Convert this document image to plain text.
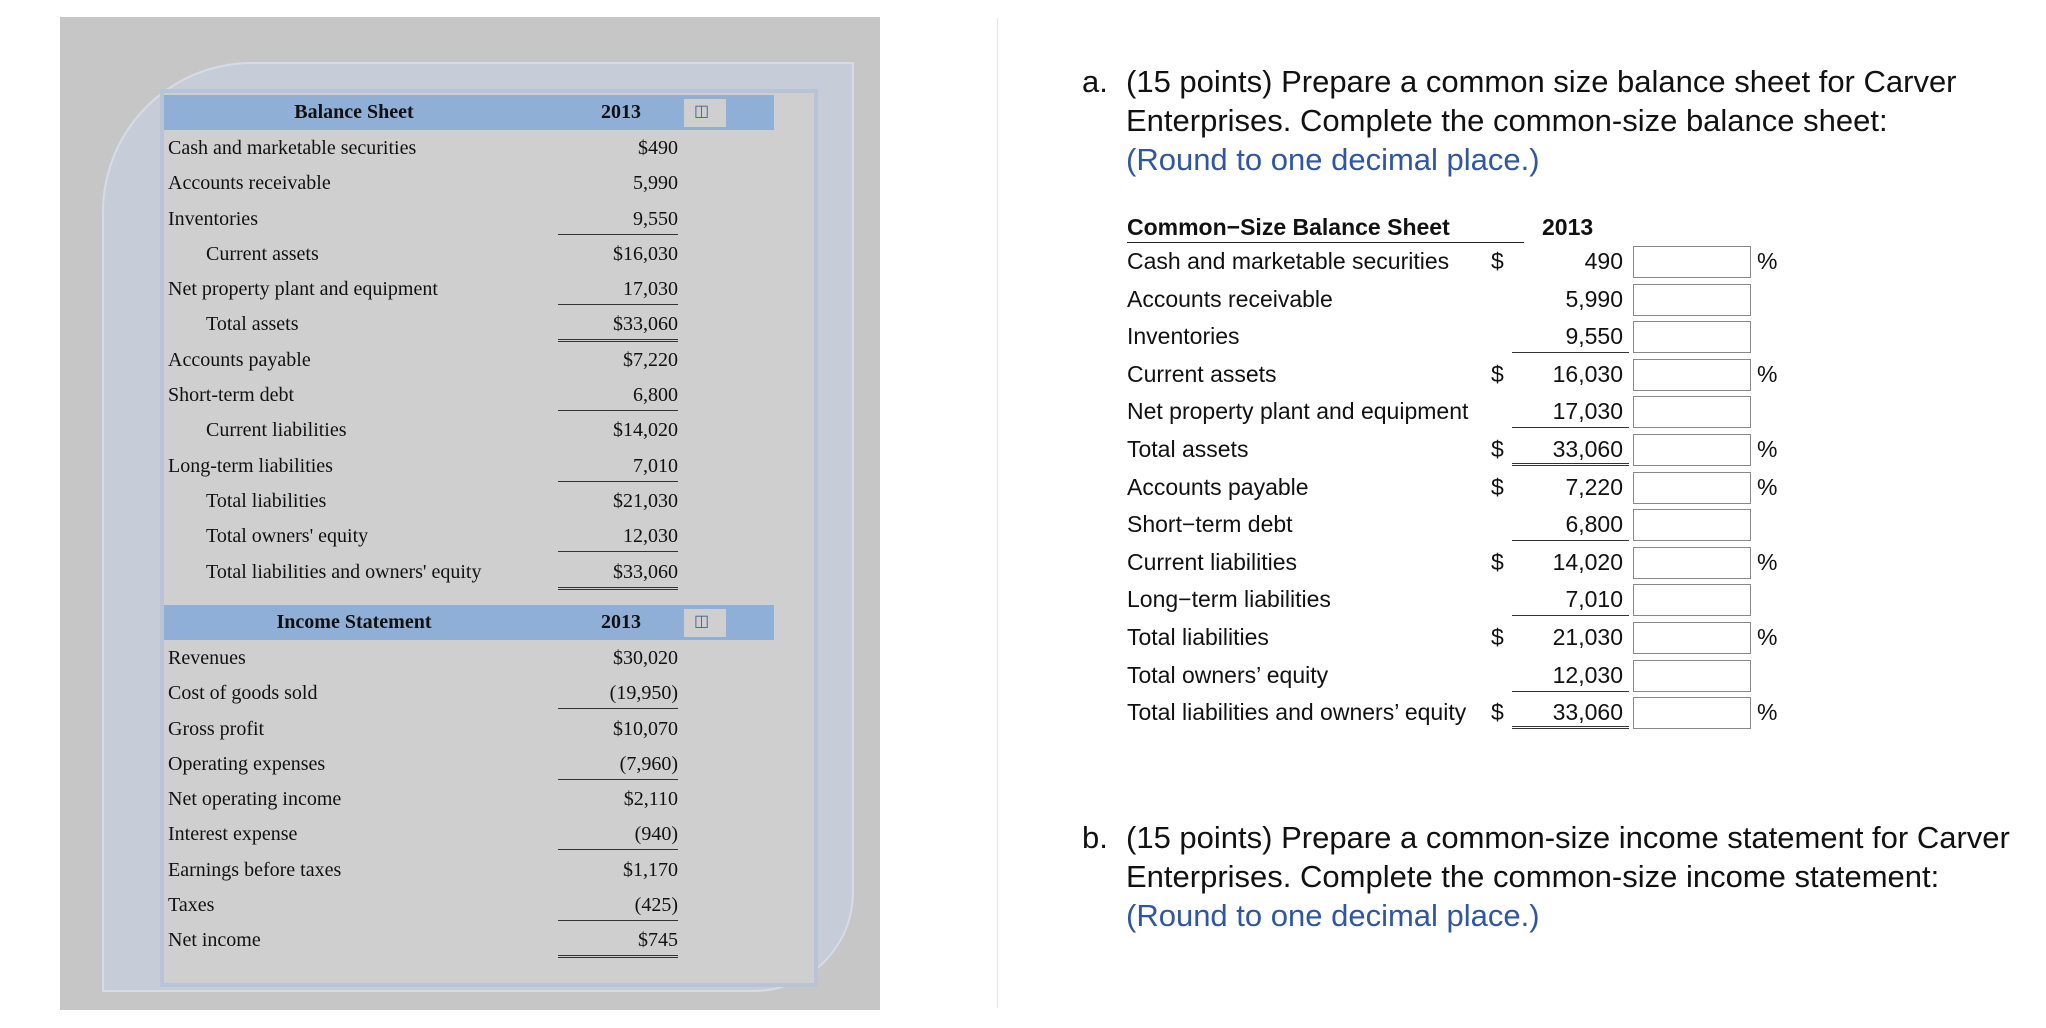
Balance Sheet	2013	◫
Cash and marketable securities	$490
Accounts receivable	5,990
Inventories	9,550
Current assets	$16,030
Net property plant and equipment	17,030
Total assets	$33,060
Accounts payable	$7,220
Short-term debt	6,800
Current liabilities	$14,020
Long-term liabilities	7,010
Total liabilities	$21,030
Total owners' equity	12,030
Total liabilities and owners' equity	$33,060
Income Statement	2013	◫
Revenues	$30,020
Cost of goods sold	(19,950)
Gross profit	$10,070
Operating expenses	(7,960)
Net operating income	$2,110
Interest expense	(940)
Earnings before taxes	$1,170
Taxes	(425)
Net income	$745
a. (15 points) Prepare a common size balance sheet for Carver Enterprises. Complete the common-size balance sheet:
(Round to one decimal place.)
Common−Size Balance Sheet	2013
Cash and marketable securities $	490	%
Accounts receivable	5,990
Inventories	9,550
Current assets	$	16,030	%
Net property plant and equipment	17,030
Total assets	$	33,060	%
Accounts payable	$	7,220	%
Short−term debt	6,800
Current liabilities	$	14,020	%
Long−term liabilities	7,010
Total liabilities	$	21,030	%
Total owners’ equity	12,030
Total liabilities and owners’ equity $	33,060	%
b. (15 points) Prepare a common-size income statement for Carver Enterprises. Complete the common-size income statement: (Round to one decimal place.)
